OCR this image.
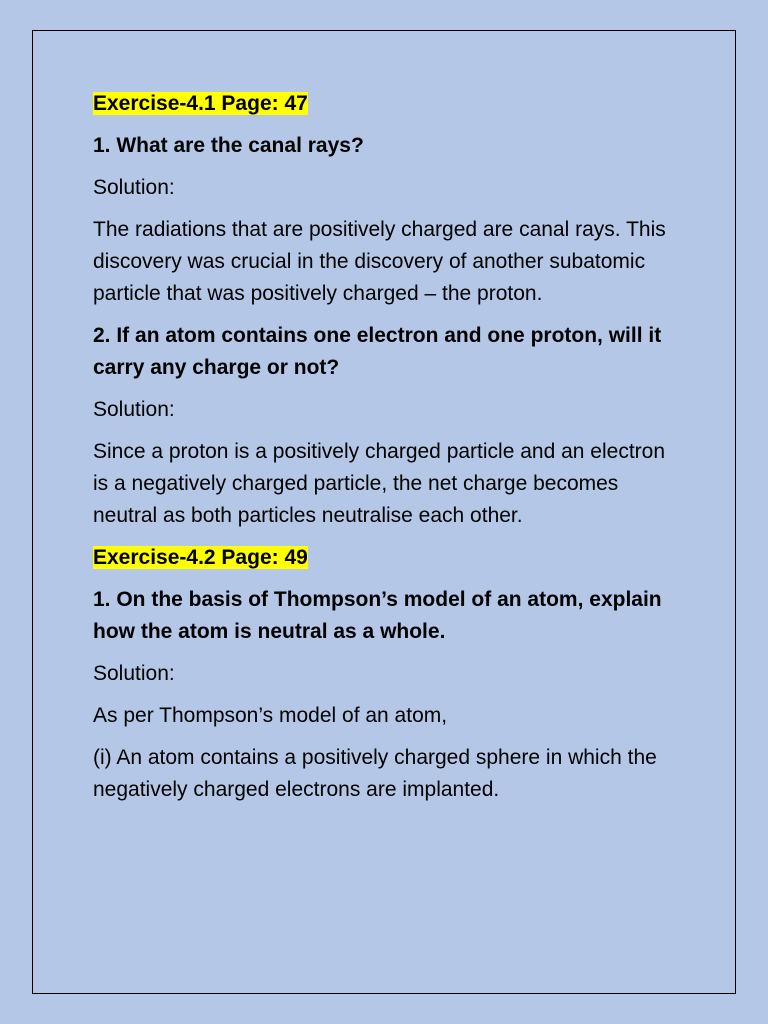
Exercise-4.1 Page: 47

1. What are the canal rays?

Solution:

The radiations that are positively charged are canal rays. This discovery was crucial in the discovery of another subatomic particle that was positively charged – the proton.

2. If an atom contains one electron and one proton, will it carry any charge or not?

Solution:

Since a proton is a positively charged particle and an electron is a negatively charged particle, the net charge becomes neutral as both particles neutralise each other.

Exercise-4.2 Page: 49

1. On the basis of Thompson’s model of an atom, explain how the atom is neutral as a whole.

Solution:

As per Thompson’s model of an atom,

(i) An atom contains a positively charged sphere in which the negatively charged electrons are implanted.
